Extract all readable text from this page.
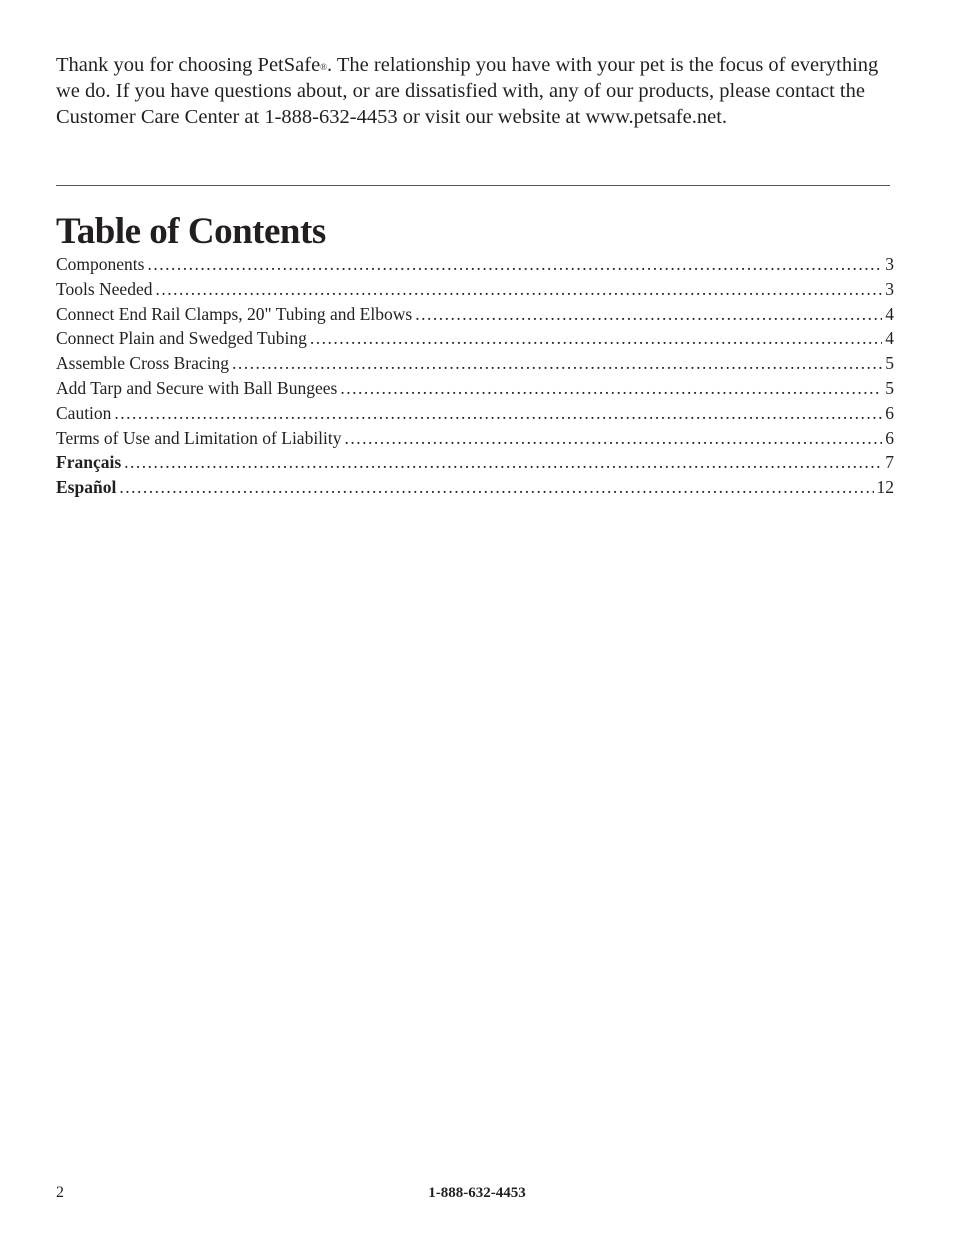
Thank you for choosing PetSafe®. The relationship you have with your pet is the focus of everything we do. If you have questions about, or are dissatisfied with, any of our products, please contact the Customer Care Center at 1-888-632-4453 or visit our website at www.petsafe.net.

Table of Contents
Components .....	3
Tools Needed .....	3
Connect End Rail Clamps, 20" Tubing and Elbows .....	4
Connect Plain and Swedged Tubing .....	4
Assemble Cross Bracing .....	5
Add Tarp and Secure with Ball Bungees .....	5
Caution .....	6
Terms of Use and Limitation of Liability .....	6
Français .....	7
Español .....	12
2	1-888-632-4453
